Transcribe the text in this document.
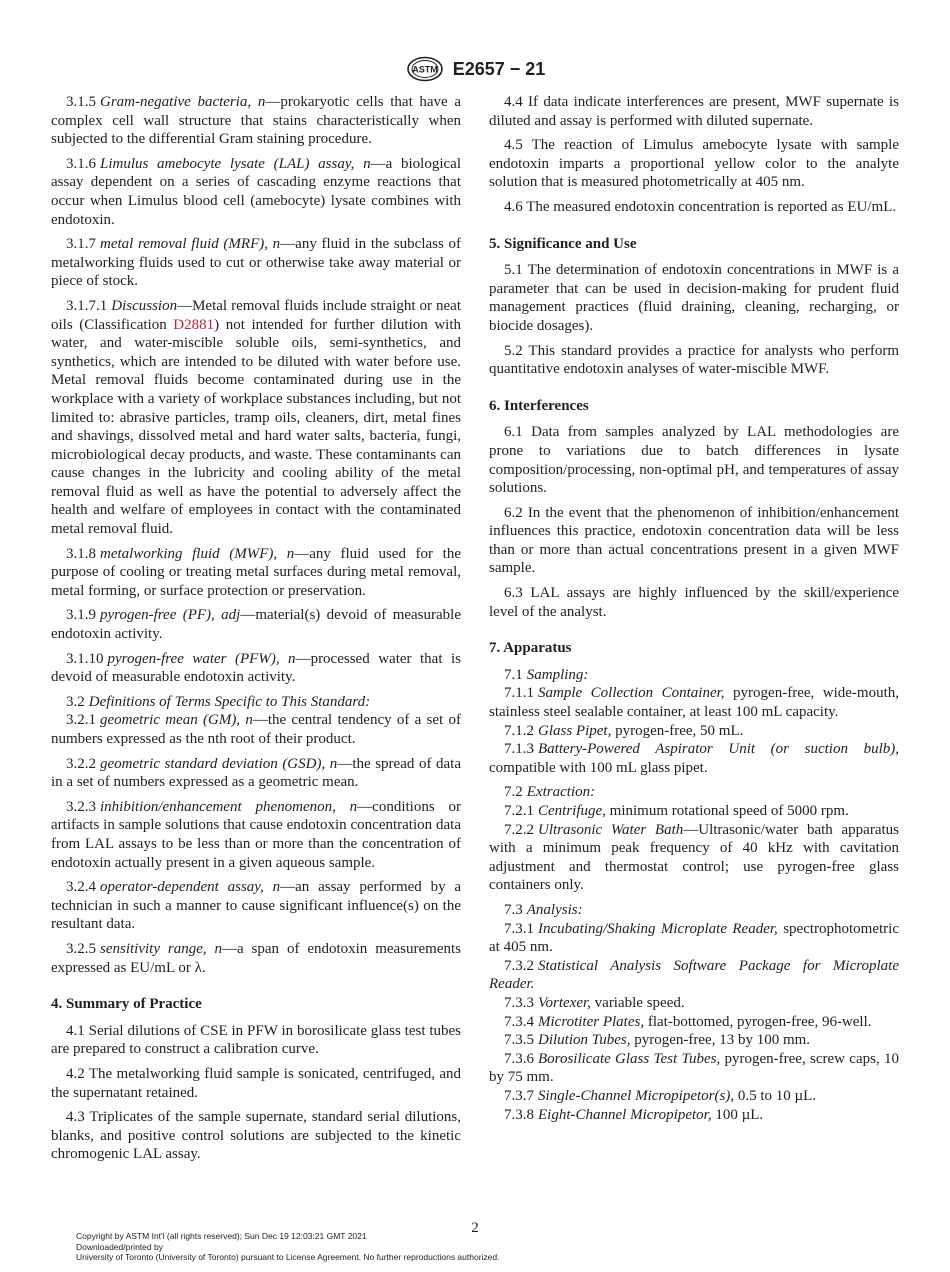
ASTM E2657 − 21

3.1.5 Gram-negative bacteria, n—prokaryotic cells that have a complex cell wall structure that stains characteristically when subjected to the differential Gram staining procedure.

3.1.6 Limulus amebocyte lysate (LAL) assay, n—a biological assay dependent on a series of cascading enzyme reactions that occur when Limulus blood cell (amebocyte) lysate combines with endotoxin.

3.1.7 metal removal fluid (MRF), n—any fluid in the subclass of metalworking fluids used to cut or otherwise take away material or piece of stock.

3.1.7.1 Discussion—Metal removal fluids include straight or neat oils (Classification D2881) not intended for further dilution with water, and water-miscible soluble oils, semi-synthetics, and synthetics, which are intended to be diluted with water before use. Metal removal fluids become contaminated during use in the workplace with a variety of workplace substances including, but not limited to: abrasive particles, tramp oils, cleaners, dirt, metal fines and shavings, dissolved metal and hard water salts, bacteria, fungi, microbiological decay products, and waste. These contaminants can cause changes in the lubricity and cooling ability of the metal removal fluid as well as have the potential to adversely affect the health and welfare of employees in contact with the contaminated metal removal fluid.

3.1.8 metalworking fluid (MWF), n—any fluid used for the purpose of cooling or treating metal surfaces during metal removal, metal forming, or surface protection or preservation.

3.1.9 pyrogen-free (PF), adj—material(s) devoid of measurable endotoxin activity.

3.1.10 pyrogen-free water (PFW), n—processed water that is devoid of measurable endotoxin activity.

3.2 Definitions of Terms Specific to This Standard:

3.2.1 geometric mean (GM), n—the central tendency of a set of numbers expressed as the nth root of their product.

3.2.2 geometric standard deviation (GSD), n—the spread of data in a set of numbers expressed as a geometric mean.

3.2.3 inhibition/enhancement phenomenon, n—conditions or artifacts in sample solutions that cause endotoxin concentration data from LAL assays to be less than or more than the concentration of endotoxin actually present in a given aqueous sample.

3.2.4 operator-dependent assay, n—an assay performed by a technician in such a manner to cause significant influence(s) on the resultant data.

3.2.5 sensitivity range, n—a span of endotoxin measurements expressed as EU/mL or λ.

4. Summary of Practice

4.1 Serial dilutions of CSE in PFW in borosilicate glass test tubes are prepared to construct a calibration curve.

4.2 The metalworking fluid sample is sonicated, centrifuged, and the supernatant retained.

4.3 Triplicates of the sample supernate, standard serial dilutions, blanks, and positive control solutions are subjected to the kinetic chromogenic LAL assay.

4.4 If data indicate interferences are present, MWF supernate is diluted and assay is performed with diluted supernate.

4.5 The reaction of Limulus amebocyte lysate with sample endotoxin imparts a proportional yellow color to the analyte solution that is measured photometrically at 405 nm.

4.6 The measured endotoxin concentration is reported as EU/mL.

5. Significance and Use

5.1 The determination of endotoxin concentrations in MWF is a parameter that can be used in decision-making for prudent fluid management practices (fluid draining, cleaning, recharging, or biocide dosages).

5.2 This standard provides a practice for analysts who perform quantitative endotoxin analyses of water-miscible MWF.

6. Interferences

6.1 Data from samples analyzed by LAL methodologies are prone to variations due to batch differences in lysate composition/processing, non-optimal pH, and temperatures of assay solutions.

6.2 In the event that the phenomenon of inhibition/enhancement influences this practice, endotoxin concentration data will be less than or more than actual concentrations present in a given MWF sample.

6.3 LAL assays are highly influenced by the skill/experience level of the analyst.

7. Apparatus

7.1 Sampling:

7.1.1 Sample Collection Container, pyrogen-free, wide-mouth, stainless steel sealable container, at least 100 mL capacity.

7.1.2 Glass Pipet, pyrogen-free, 50 mL.

7.1.3 Battery-Powered Aspirator Unit (or suction bulb), compatible with 100 mL glass pipet.

7.2 Extraction:

7.2.1 Centrifuge, minimum rotational speed of 5000 rpm.

7.2.2 Ultrasonic Water Bath—Ultrasonic/water bath apparatus with a minimum peak frequency of 40 kHz with cavitation adjustment and thermostat control; use pyrogen-free glass containers only.

7.3 Analysis:

7.3.1 Incubating/Shaking Microplate Reader, spectrophotometric at 405 nm.

7.3.2 Statistical Analysis Software Package for Microplate Reader.

7.3.3 Vortexer, variable speed.

7.3.4 Microtiter Plates, flat-bottomed, pyrogen-free, 96-well.

7.3.5 Dilution Tubes, pyrogen-free, 13 by 100 mm.

7.3.6 Borosilicate Glass Test Tubes, pyrogen-free, screw caps, 10 by 75 mm.

7.3.7 Single-Channel Micropipetor(s), 0.5 to 10 µL.

7.3.8 Eight-Channel Micropipetor, 100 µL.

2
Copyright by ASTM Int'l (all rights reserved); Sun Dec 19 12:03:21 GMT 2021
Downloaded/printed by
University of Toronto (University of Toronto) pursuant to License Agreement. No further reproductions authorized.
